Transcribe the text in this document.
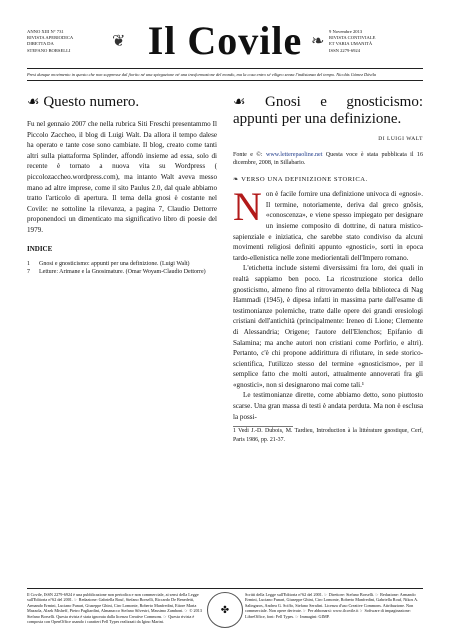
ANNO XIII N° 731
RIVISTA APERIODICA
DIRETTA DA
STEFANO BORSELLI
❦ Il Covile ❧
9 Novembre 2013
RIVISTA CONTIVIALE
ET VARIA UMANITÀ
ISSN 2279-6924
Presi dunque movimento in questo che non soppresse dal fiorito né una spiegazione né una trasformazione del mondo, ma la cosa entro sé viligeo senza l'indistanza del tempo. Nicolás Gómez Dávila
☙ Questo numero.

Fu nel gennaio 2007 che nella rubrica Siti Freschi presentammo Il Piccolo Zaccheo, il blog di Luigi Walt. Da allora il tempo dalese ha operato e tante cose sono cambiate. Il blog, creato come tanti altri sulla piattaforma Splinder, affondò insieme ad essa, solo di recente è tornato a nuova vita su Wordpress ( piccolozaccheo.wordpress.com), ma intanto Walt aveva messo mano ad altre imprese, come il sito Paulus 2.0, dal quale abbiamo tratto l'articolo di apertura. Il tema della gnosi è costante nel Covile: ne sottoline la rilevanza, a pagina 7, Claudio Dettorre proponendoci un dimenticato ma significativo libro di poesie del 1979.

INDICE
1	Gnosi e gnosticismo: appunti per una definizione. (Luigi Walt)
7	Letture: Arimane e la Gnosimature. (Omar Woyam-Claudio Dettorre)
☙ Gnosi e gnosticismo: appunti per una definizione.
DI LUIGI WALT
Fonte e ©: www.letterepaoline.net Questa voce è stata pubblicata il 16 dicembre, 2008, in Sillabario.
❧ VERSO UNA DEFINIZIONE STORICA.

Non è facile fornire una definizione univoca di «gnosi». Il termine, notoriamente, deriva dal greco gnôsis, «conoscenza», e viene spesso impiegato per designare un insieme composito di dottrine, di natura mistico-sapienziale e iniziatica, che sarebbe stato condiviso da alcuni movimenti religiosi definiti appunto «gnostici», sorti in epoca tardo-ellenistica nelle zone mediorientali dell'Impero romano.

L'etichetta include sistemi diversissimi fra loro, dei quali in realtà sappiamo ben poco. La ricostruzione storica dello gnosticismo, almeno fino al ritrovamento della biblioteca di Nag Hammadi (1945), è dipesa infatti in massima parte dall'esame di testimonianze polemiche, tratte dalle opere dei grandi eresiologi cristiani dell'antichità (principalmente: Ireneo di Lione; Clemente di Alessandria; Origene; l'autore dell'Elenchos; Epifanio di Salamina; ma anche autori non cristiani come Porfirio, e altri). Pertanto, c'è chi propone addirittura di rifiutare, in sede storico-scientifica, l'utilizzo stesso del termine «gnosticismo», per il semplice fatto che molti autori, attualmente annoverati fra gli «gnostici», non si designarono mai come tali.¹

Le testimonianze dirette, come abbiamo detto, sono piuttosto scarse. Una gran massa di testi è andata perduta. Ma non è esclusa la possi-

1 Vedi J.-D. Dubois, M. Tardieu, Introduction à la littérature gnostique, Cerf, Paris 1986, pp. 21-37.
Il Covile, ISSN 2279-6924 è una pubblicazione non periodica e non commerciale, ai sensi della Legge sull'Editoria n°62 del 2001. ☞ Redazione: Gabriella Rouf, Stefano Borselli, Riccardo De Benedetti, Armando Ermini, Luciano Funari, Giuseppe Ghini, Ciro Lomonte, Roberto Manfredini, Ettore Maria Mazzola, Alzek Misheff, Pietro Pagliardini, Almanacco Stefano Silvestri, Massimo Zamboni. ☞ © 2013 Stefano Borselli. Questa rivista è stata ignorata dalla licenza Creative Commons. ☞ Questa rivista è composta con OpenOffice usando i caratteri Fell Types realizzati da Igino Marini.
✤
Scritti della Legge sull'Editoria n°62 del 2001. ☞ Direttore: Stefano Borselli. ☞ Redazione: Armando Ermini, Luciano Funari, Giuseppe Ghini, Ciro Lomonte, Roberto Manfredini, Gabriella Rouf, Nikos A. Salingaros, Andrea G. Sciffo, Stefano Serafini. Licenza d'uso Creative Commons. Attribuzione. Non commerciale. Non opere derivate. ☞ Per abbonarsi: www.ilcovile.it ☞ Software di impaginazione: LibreOffice, font: Fell Types. ☞ Immagini: GIMP.
